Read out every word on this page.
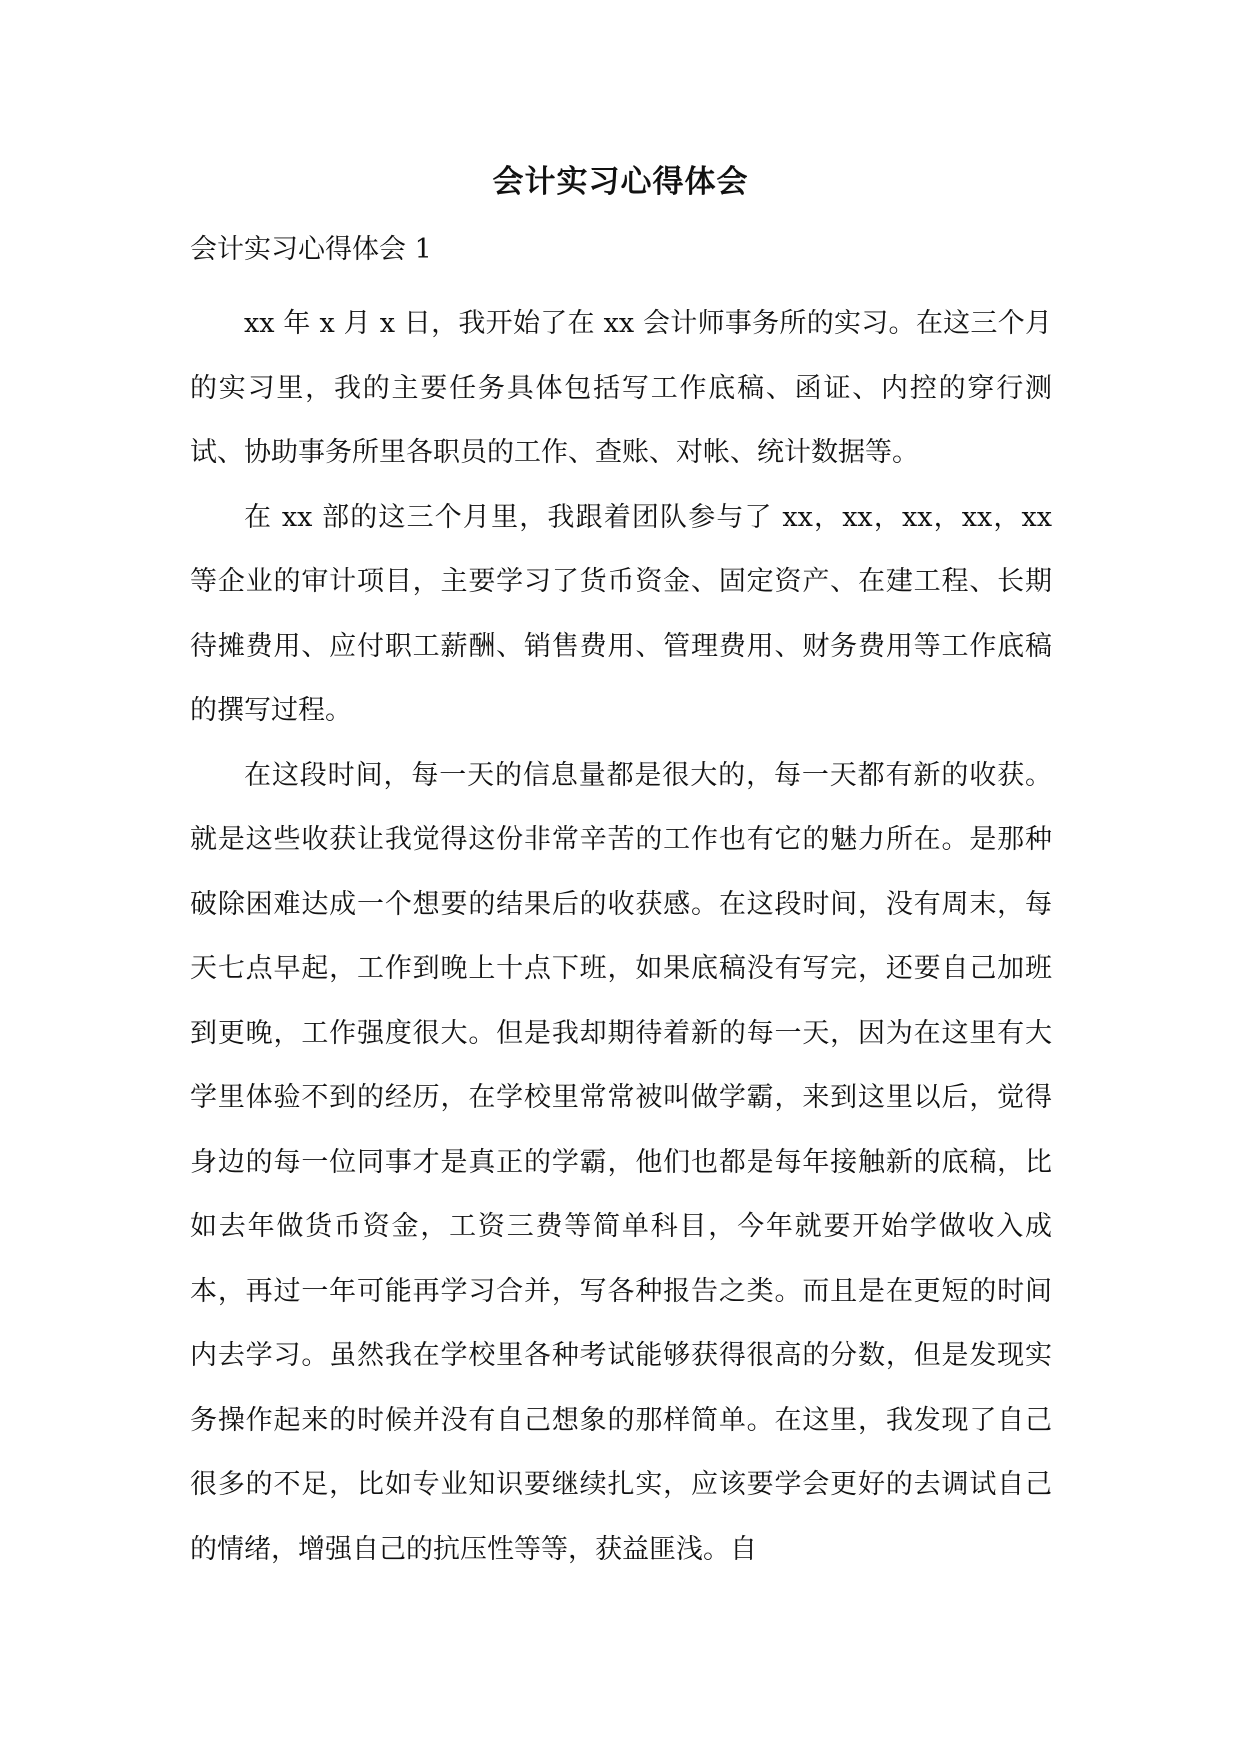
会计实习心得体会
会计实习心得体会 1

xx 年 x 月 x 日，我开始了在 xx 会计师事务所的实习。在这三个月的实习里，我的主要任务具体包括写工作底稿、函证、内控的穿行测试、协助事务所里各职员的工作、查账、对帐、统计数据等。

在 xx 部的这三个月里，我跟着团队参与了 xx，xx，xx，xx，xx 等企业的审计项目，主要学习了货币资金、固定资产、在建工程、长期待摊费用、应付职工薪酬、销售费用、管理费用、财务费用等工作底稿的撰写过程。

在这段时间，每一天的信息量都是很大的，每一天都有新的收获。就是这些收获让我觉得这份非常辛苦的工作也有它的魅力所在。是那种破除困难达成一个想要的结果后的收获感。在这段时间，没有周末，每天七点早起，工作到晚上十点下班，如果底稿没有写完，还要自己加班到更晚，工作强度很大。但是我却期待着新的每一天，因为在这里有大学里体验不到的经历，在学校里常常被叫做学霸，来到这里以后，觉得身边的每一位同事才是真正的学霸，他们也都是每年接触新的底稿，比如去年做货币资金，工资三费等简单科目，今年就要开始学做收入成本，再过一年可能再学习合并，写各种报告之类。而且是在更短的时间内去学习。虽然我在学校里各种考试能够获得很高的分数，但是发现实务操作起来的时候并没有自己想象的那样简单。在这里，我发现了自己很多的不足，比如专业知识要继续扎实，应该要学会更好的去调试自己的情绪，增强自己的抗压性等等，获益匪浅。自
